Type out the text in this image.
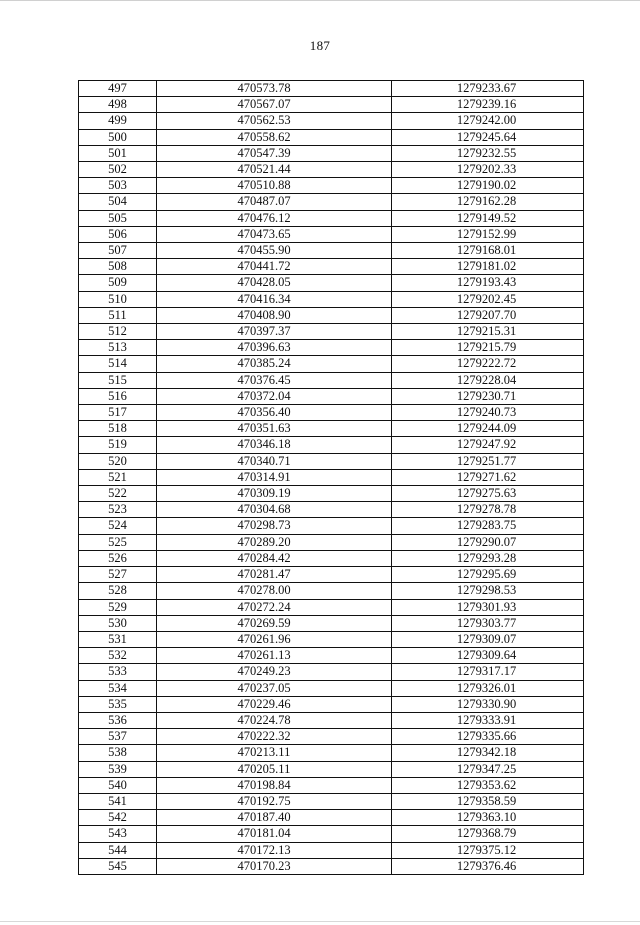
187
497	470573.78	1279233.67
498	470567.07	1279239.16
499	470562.53	1279242.00
500	470558.62	1279245.64
501	470547.39	1279232.55
502	470521.44	1279202.33
503	470510.88	1279190.02
504	470487.07	1279162.28
505	470476.12	1279149.52
506	470473.65	1279152.99
507	470455.90	1279168.01
508	470441.72	1279181.02
509	470428.05	1279193.43
510	470416.34	1279202.45
511	470408.90	1279207.70
512	470397.37	1279215.31
513	470396.63	1279215.79
514	470385.24	1279222.72
515	470376.45	1279228.04
516	470372.04	1279230.71
517	470356.40	1279240.73
518	470351.63	1279244.09
519	470346.18	1279247.92
520	470340.71	1279251.77
521	470314.91	1279271.62
522	470309.19	1279275.63
523	470304.68	1279278.78
524	470298.73	1279283.75
525	470289.20	1279290.07
526	470284.42	1279293.28
527	470281.47	1279295.69
528	470278.00	1279298.53
529	470272.24	1279301.93
530	470269.59	1279303.77
531	470261.96	1279309.07
532	470261.13	1279309.64
533	470249.23	1279317.17
534	470237.05	1279326.01
535	470229.46	1279330.90
536	470224.78	1279333.91
537	470222.32	1279335.66
538	470213.11	1279342.18
539	470205.11	1279347.25
540	470198.84	1279353.62
541	470192.75	1279358.59
542	470187.40	1279363.10
543	470181.04	1279368.79
544	470172.13	1279375.12
545	470170.23	1279376.46
